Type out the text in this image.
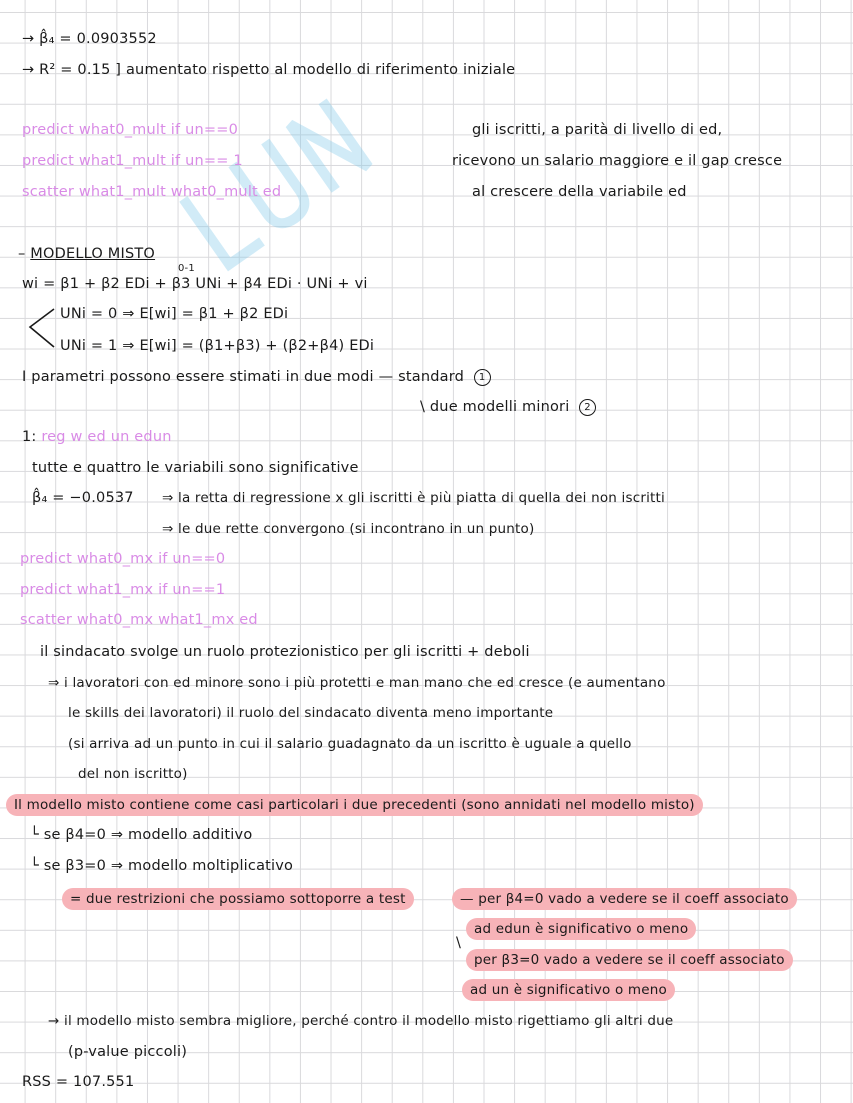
→ β̂₄ = 0.0903552
→ R² = 0.15 ] aumentato rispetto al modello di riferimento iniziale
predict what0_mult if un==0
predict what1_mult if un== 1
scatter what1_mult what0_mult ed
gli iscritti, a parità di livello di ed,
ricevono un salario maggiore e il gap cresce
al crescere della variabile ed
– MODELLO MISTO
0-1
wi = β1 + β2 EDi + β3 UNi + β4 EDi · UNi + vi
UNi = 0 ⇒ E[wi] = β1 + β2 EDi
UNi = 1 ⇒ E[wi] = (β1+β3) + (β2+β4) EDi
I parametri possono essere stimati in due modi — standard 1
\ due modelli minori 2
1: reg w ed un edun
tutte e quattro le variabili sono significative
β̂₄ = −0.0537 ⇒ la retta di regressione x gli iscritti è più piatta di quella dei non iscritti
⇒ le due rette convergono (si incontrano in un punto)
predict what0_mx if un==0
predict what1_mx if un==1
scatter what0_mx what1_mx ed
il sindacato svolge un ruolo protezionistico per gli iscritti + deboli
⇒ i lavoratori con ed minore sono i più protetti e man mano che ed cresce (e aumentano
le skills dei lavoratori) il ruolo del sindacato diventa meno importante
(si arriva ad un punto in cui il salario guadagnato da un iscritto è uguale a quello
del non iscritto)
Il modello misto contiene come casi particolari i due precedenti (sono annidati nel modello misto)
└ se β4=0 ⇒ modello additivo
└ se β3=0 ⇒ modello moltiplicativo
= due restrizioni che possiamo sottoporre a test	— per β4=0 vado a vedere se il coeff associato
ad edun è significativo o meno
\
per β3=0 vado a vedere se il coeff associato
ad un è significativo o meno
→ il modello misto sembra migliore, perché contro il modello misto rigettiamo gli altri due
(p-value piccoli)
RSS = 107.551
